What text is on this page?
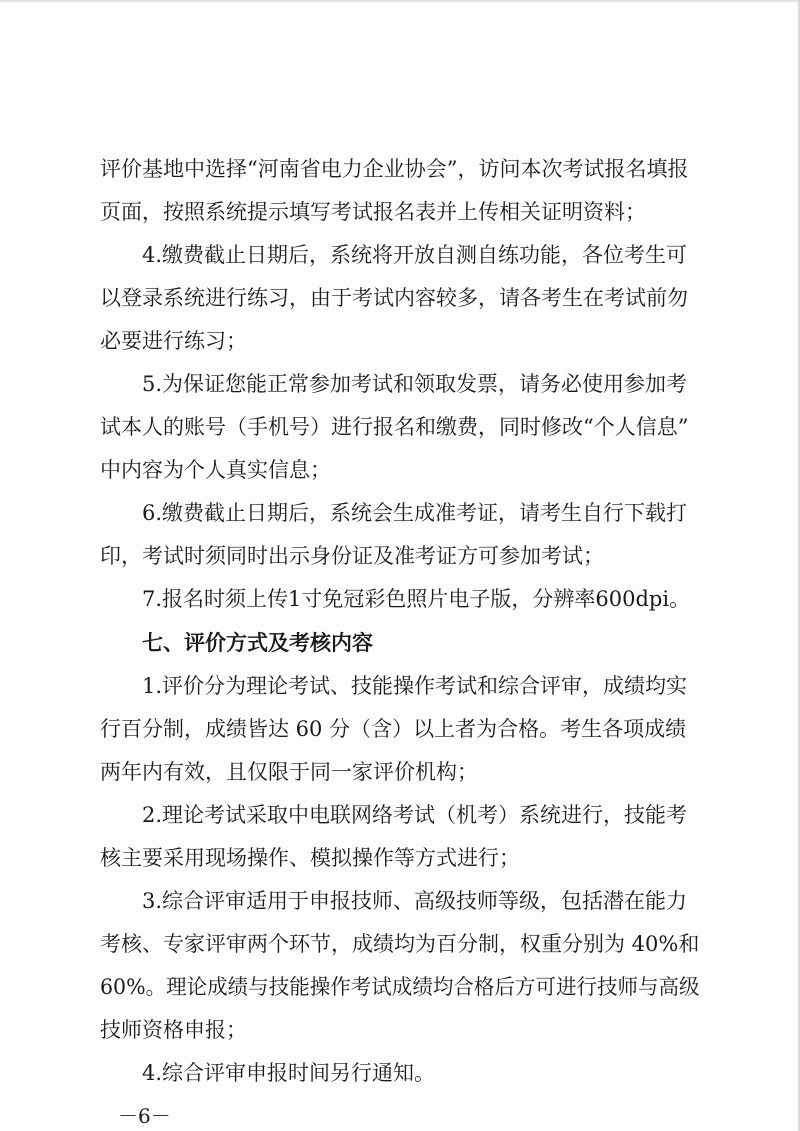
评价基地中选择“河南省电力企业协会”，访问本次考试报名填报
页面，按照系统提示填写考试报名表并上传相关证明资料；
4.缴费截止日期后，系统将开放自测自练功能，各位考生可
以登录系统进行练习，由于考试内容较多，请各考生在考试前勿
必要进行练习；
5.为保证您能正常参加考试和领取发票，请务必使用参加考
试本人的账号（手机号）进行报名和缴费，同时修改“个人信息”
中内容为个人真实信息；
6.缴费截止日期后，系统会生成准考证，请考生自行下载打
印，考试时须同时出示身份证及准考证方可参加考试；
7.报名时须上传1寸免冠彩色照片电子版，分辨率600dpi。
七、评价方式及考核内容
1.评价分为理论考试、技能操作考试和综合评审，成绩均实
行百分制，成绩皆达 60 分（含）以上者为合格。考生各项成绩
两年内有效，且仅限于同一家评价机构；
2.理论考试采取中电联网络考试（机考）系统进行，技能考
核主要采用现场操作、模拟操作等方式进行；
3.综合评审适用于申报技师、高级技师等级，包括潜在能力
考核、专家评审两个环节，成绩均为百分制，权重分别为 40%和
60%。理论成绩与技能操作考试成绩均合格后方可进行技师与高级
技师资格申报；
4.综合评审申报时间另行通知。
－6－
